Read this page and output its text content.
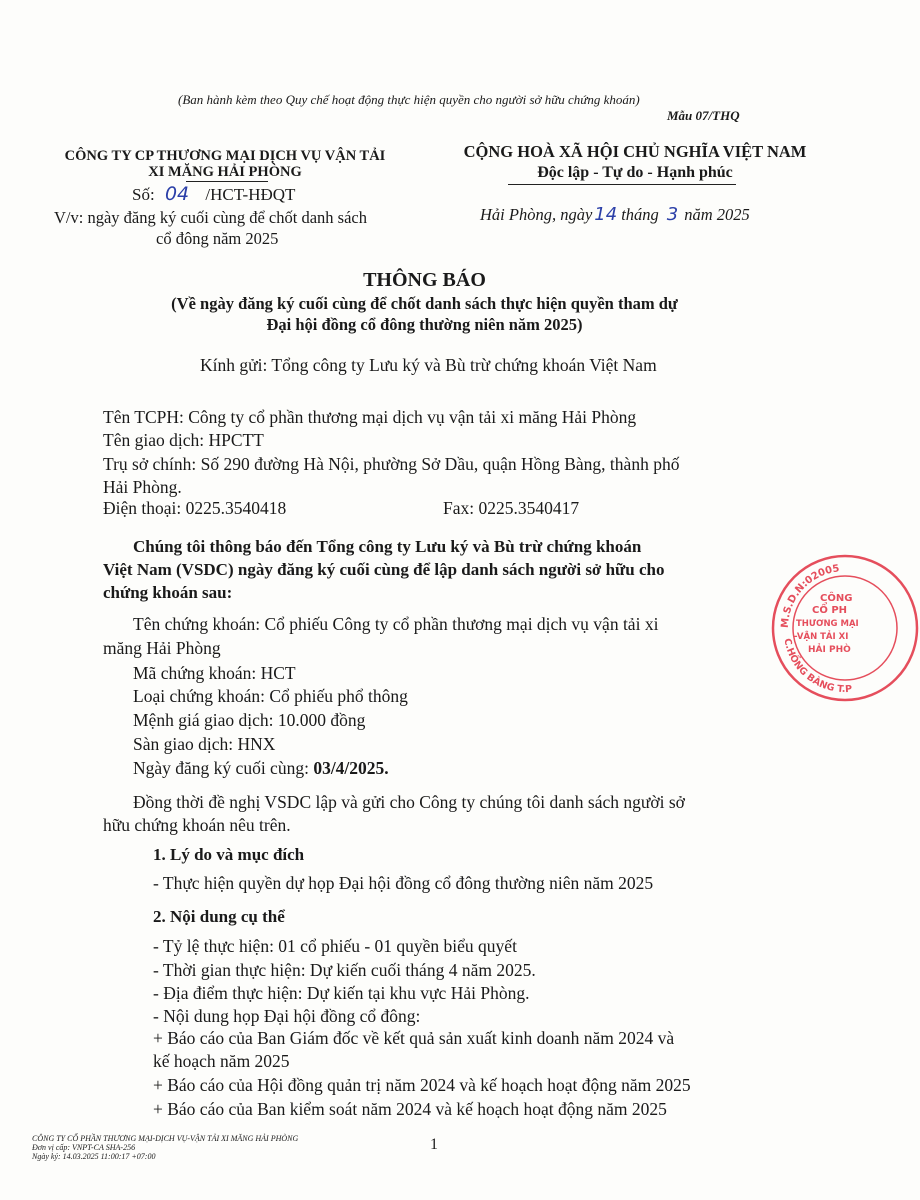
(Ban hành kèm theo Quy chế hoạt động thực hiện quyền cho người sở hữu chứng khoán)
Mẫu 07/THQ
CÔNG TY CP THƯƠNG MẠI DỊCH VỤ VẬN TẢI
XI MĂNG HẢI PHÒNG
Số: 04 /HCT-HĐQT
V/v: ngày đăng ký cuối cùng để chốt danh sách
cổ đông năm 2025
CỘNG HOÀ XÃ HỘI CHỦ NGHĨA VIỆT NAM
Độc lập - Tự do - Hạnh phúc
Hải Phòng, ngày 14 tháng 3 năm 2025
THÔNG BÁO
(Về ngày đăng ký cuối cùng để chốt danh sách thực hiện quyền tham dự
Đại hội đồng cổ đông thường niên năm 2025)
Kính gửi: Tổng công ty Lưu ký và Bù trừ chứng khoán Việt Nam
Tên TCPH: Công ty cổ phần thương mại dịch vụ vận tải xi măng Hải Phòng
Tên giao dịch: HPCTT
Trụ sở chính: Số 290 đường Hà Nội, phường Sở Dầu, quận Hồng Bàng, thành phố
Hải Phòng.
Điện thoại: 0225.3540418	Fax: 0225.3540417
Chúng tôi thông báo đến Tổng công ty Lưu ký và Bù trừ chứng khoán
Việt Nam (VSDC) ngày đăng ký cuối cùng để lập danh sách người sở hữu cho
chứng khoán sau:
Tên chứng khoán: Cổ phiếu Công ty cổ phần thương mại dịch vụ vận tải xi
măng Hải Phòng
Mã chứng khoán: HCT
Loại chứng khoán: Cổ phiếu phổ thông
Mệnh giá giao dịch: 10.000 đồng
Sàn giao dịch: HNX
Ngày đăng ký cuối cùng: 03/4/2025.
Đồng thời đề nghị VSDC lập và gửi cho Công ty chúng tôi danh sách người sở
hữu chứng khoán nêu trên.
1. Lý do và mục đích
- Thực hiện quyền dự họp Đại hội đồng cổ đông thường niên năm 2025
2. Nội dung cụ thể
- Tỷ lệ thực hiện: 01 cổ phiếu - 01 quyền biểu quyết
- Thời gian thực hiện: Dự kiến cuối tháng 4 năm 2025.
- Địa điểm thực hiện: Dự kiến tại khu vực Hải Phòng.
- Nội dung họp Đại hội đồng cổ đông:
+ Báo cáo của Ban Giám đốc về kết quả sản xuất kinh doanh năm 2024 và
kế hoạch năm 2025
+ Báo cáo của Hội đồng quản trị năm 2024 và kế hoạch hoạt động năm 2025
+ Báo cáo của Ban kiểm soát năm 2024 và kế hoạch hoạt động năm 2025
1
CÔNG TY CỔ PHẦN THƯƠNG MẠI-DỊCH VỤ-VẬN TẢI XI MĂNG HẢI PHÒNG
Đơn vị cấp: VNPT-CA SHA-256
Ngày ký: 14.03.2025 11:00:17 +07:00
M.S.D.N:02005
C.HỒNG BÀNG T.P
CÔNG
CỔ PH
THƯƠNG MẠI
-VẬN TẢI XI
HẢI PHÒ
